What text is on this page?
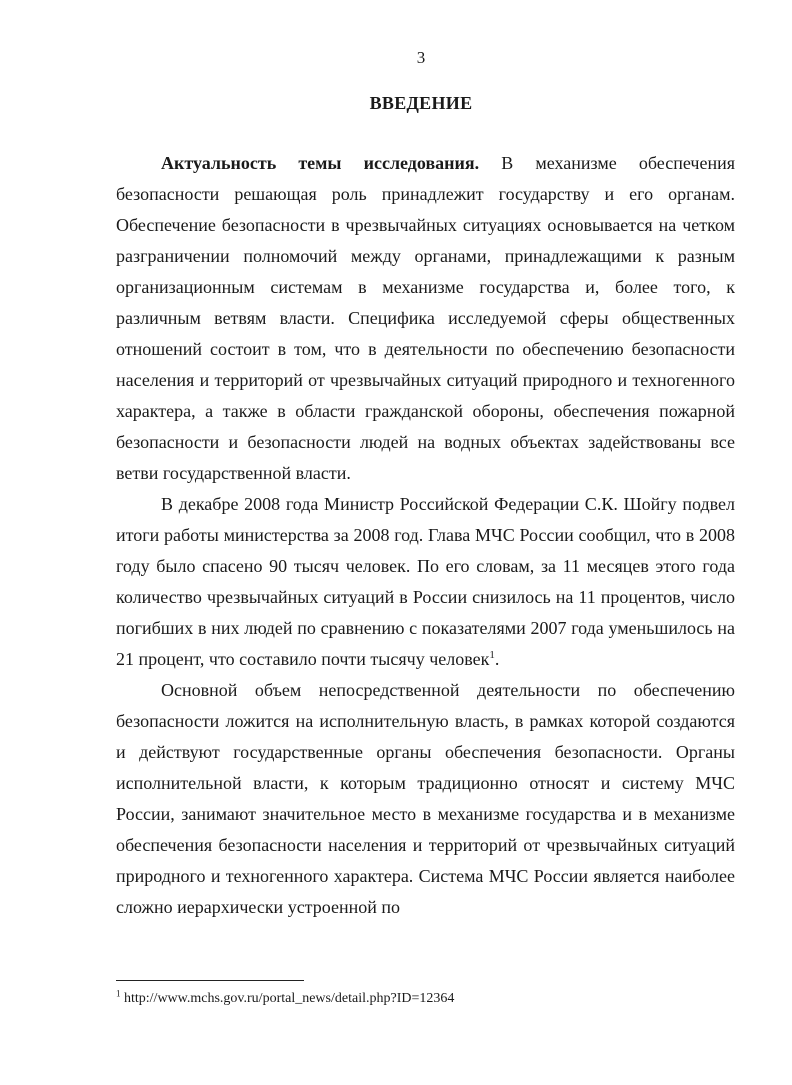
3
ВВЕДЕНИЕ

Актуальность темы исследования. В механизме обеспечения безопасности решающая роль принадлежит государству и его органам. Обеспечение безопасности в чрезвычайных ситуациях основывается на четком разграничении полномочий между органами, принадлежащими к разным организационным системам в механизме государства и, более того, к различным ветвям власти. Специфика исследуемой сферы общественных отношений состоит в том, что в деятельности по обеспечению безопасности населения и территорий от чрезвычайных ситуаций природного и техногенного характера, а также в области гражданской обороны, обеспечения пожарной безопасности и безопасности людей на водных объектах задействованы все ветви государственной власти.

В декабре 2008 года Министр Российской Федерации С.К. Шойгу подвел итоги работы министерства за 2008 год. Глава МЧС России сообщил, что в 2008 году было спасено 90 тысяч человек. По его словам, за 11 месяцев этого года количество чрезвычайных ситуаций в России снизилось на 11 процентов, число погибших в них людей по сравнению с показателями 2007 года уменьшилось на 21 процент, что составило почти тысячу человек$^1$.

Основной объем непосредственной деятельности по обеспечению безопасности ложится на исполнительную власть, в рамках которой создаются и действуют государственные органы обеспечения безопасности. Органы исполнительной власти, к которым традиционно относят и систему МЧС России, занимают значительное место в механизме государства и в механизме обеспечения безопасности населения и территорий от чрезвычайных ситуаций природного и техногенного характера. Система МЧС России является наиболее сложно иерархически устроенной по

$^1$ http://www.mchs.gov.ru/portal_news/detail.php?ID=12364
